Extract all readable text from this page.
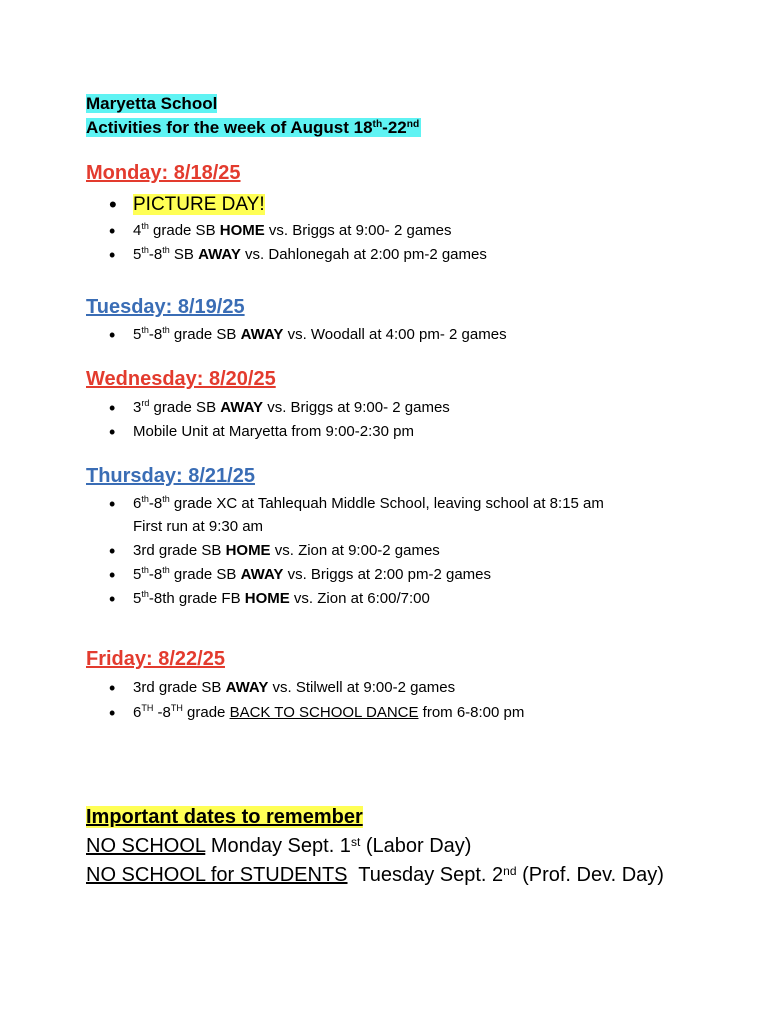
Maryetta School
Activities for the week of August 18th-22nd
Monday: 8/18/25
• PICTURE DAY!
• 4th grade SB HOME vs. Briggs at 9:00- 2 games
• 5th-8th SB AWAY vs. Dahlonegah at 2:00 pm-2 games
Tuesday: 8/19/25
• 5th-8th grade SB AWAY vs. Woodall at 4:00 pm- 2 games
Wednesday: 8/20/25
• 3rd grade SB AWAY vs. Briggs at 9:00- 2 games
• Mobile Unit at Maryetta from 9:00-2:30 pm
Thursday: 8/21/25
• 6th-8th grade XC at Tahlequah Middle School, leaving school at 8:15 am
First run at 9:30 am
• 3rd grade SB HOME vs. Zion at 9:00-2 games
• 5th-8th grade SB AWAY vs. Briggs at 2:00 pm-2 games
• 5th-8th grade FB HOME vs. Zion at 6:00/7:00
Friday: 8/22/25
• 3rd grade SB AWAY vs. Stilwell at 9:00-2 games
• 6TH -8TH grade BACK TO SCHOOL DANCE from 6-8:00 pm
Important dates to remember
NO SCHOOL Monday Sept. 1st (Labor Day)
NO SCHOOL for STUDENTS  Tuesday Sept. 2nd (Prof. Dev. Day)
